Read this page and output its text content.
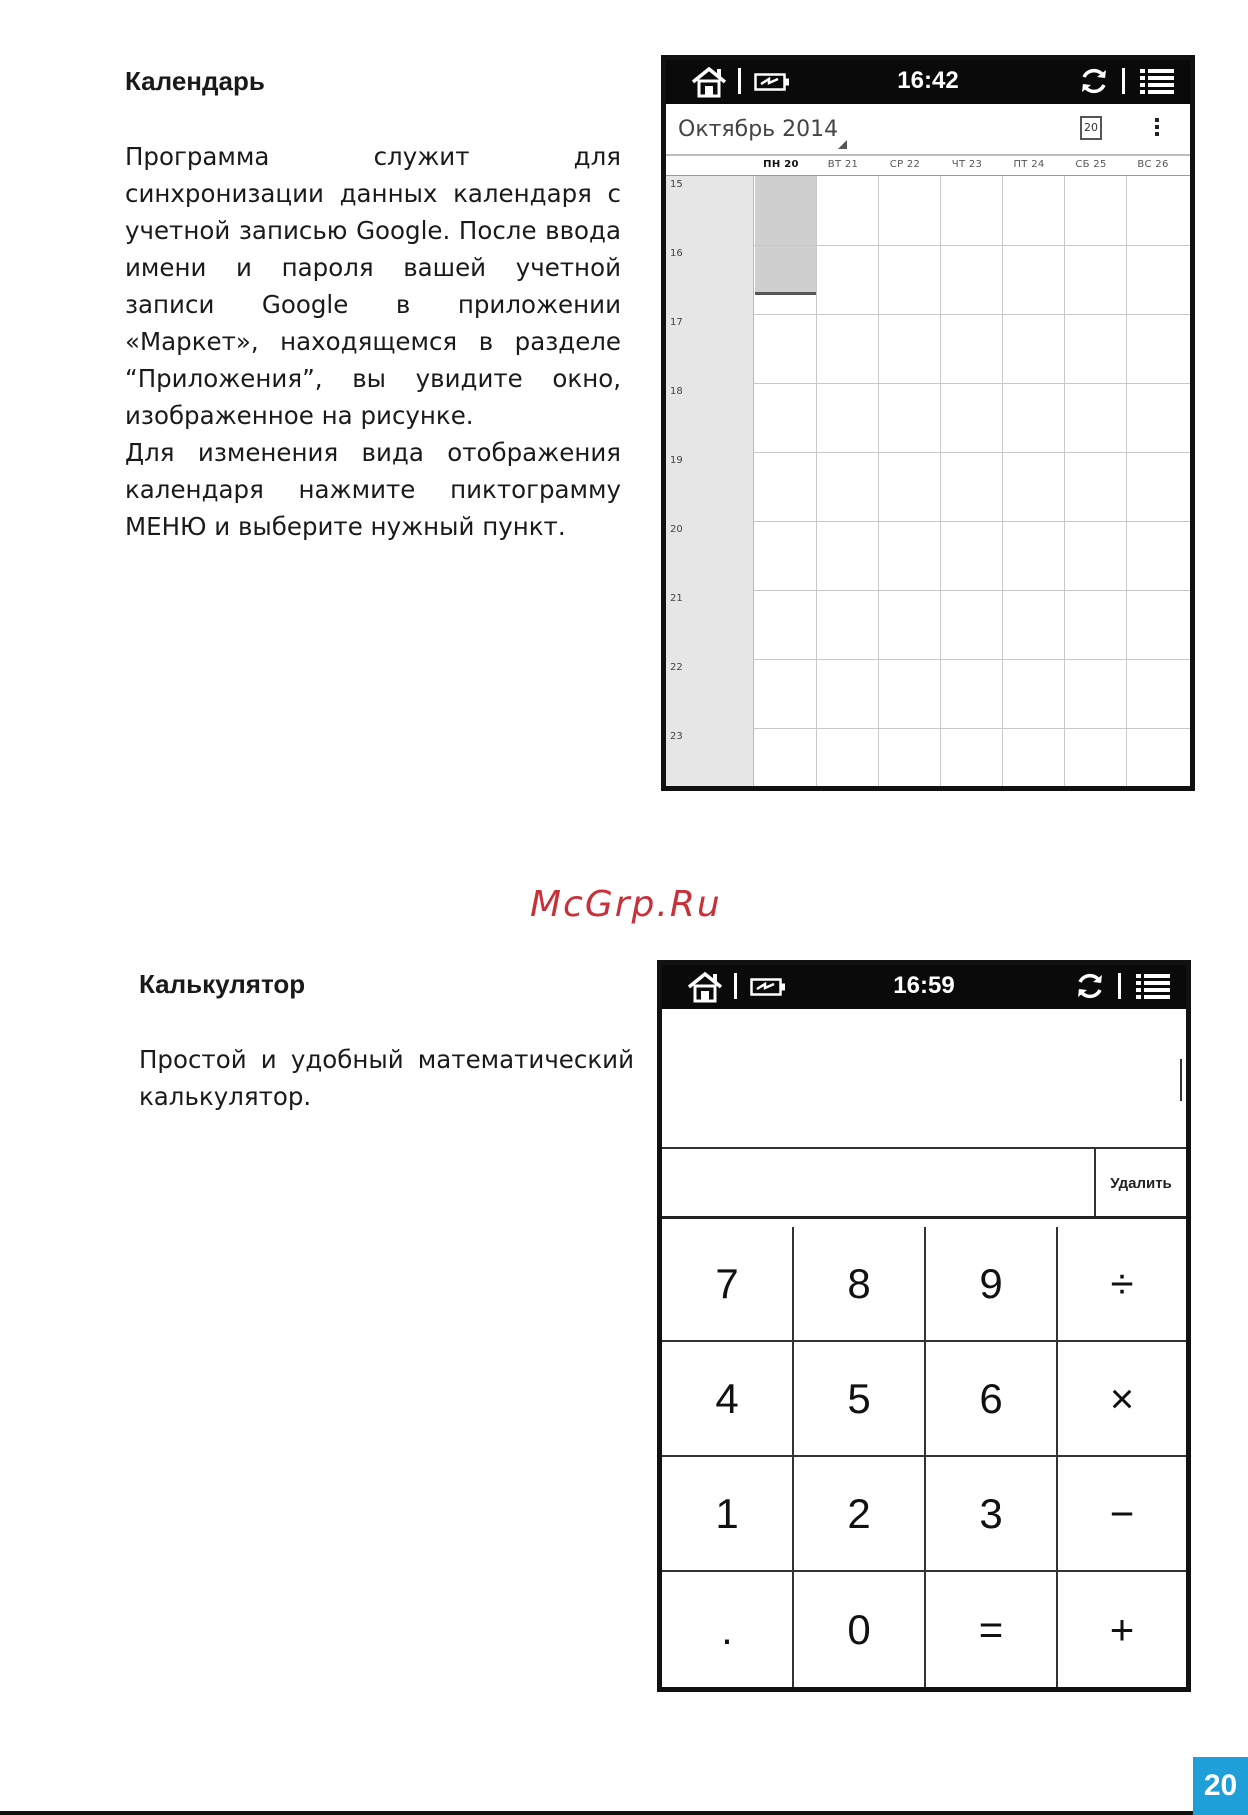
Календарь

Программа служит для синхронизации данных календаря с учетной записью Google. После ввода имени и пароля вашей учетной записи Google в приложении «Маркет», находящемся в разделе “Приложения”, вы увидите окно, изображенное на рисунке.

Для изменения вида отображения календаря нажмите пиктограмму МЕНЮ и выберите нужный пункт.

16:42
Октябрь 2014	20
ПН 20	ВТ 21	СР 22	ЧТ 23	ПТ 24	СБ 25	ВС 26
15
16
17
18
19
20
21
22
23
McGrp.Ru
Калькулятор

Простой и удобный математический калькулятор.

16:59
Удалить
7	8	9	÷
4	5	6	×
1	2	3	−
.	0	=	+
20
